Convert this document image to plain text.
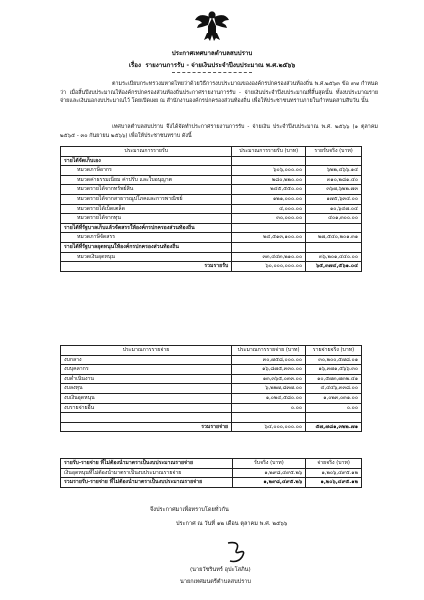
ประกาศเทศบาลตำบลสบปราบ
เรื่อง รายงานการรับ - จ่ายเงินประจำปีงบประมาณ พ.ศ.๒๕๖๖
ตามระเบียบกระทรวงมหาดไทยว่าด้วยวิธีการงบประมาณขององค์กรปกครองส่วนท้องถิ่น พ.ศ.๒๕๖๓ ข้อ ๙๗ กำหนดว่า เมื่อสิ้นปีงบประมาณให้องค์กรปกครองส่วนท้องถิ่นประกาศรายงานการรับ - จ่ายเงินประจำปีงบประมาณที่สิ้นสุดนั้น ทั้งงบประมาณรายจ่ายและเงินนอกงบประมาณไว้ โดยเปิดเผย ณ สำนักงานองค์กรปกครองส่วนท้องถิ่น เพื่อให้ประชาชนทราบภายในกำหนดสามสิบวัน นั้น
เทศบาลตำบลสบปราบ จึงได้จัดทำประกาศรายงานการรับ - จ่ายเงิน ประจำปีงบประมาณ พ.ศ. ๒๕๖๖ (๑ ตุลาคม ๒๕๖๕ - ๓๐ กันยายน ๒๕๖๖) เพื่อให้ประชาชนทราบ ดังนี้
ประมาณการรายรับ	ประมาณการรายรับ (บาท)	รายรับจริง (บาท)
รายได้จัดเก็บเอง		
หมวดภาษีอากร	๖๐๖,๐๐๐.๐๐	๖๒๒,๔๖๖.๑๔
หมวดค่าธรรมเนียม ค่าปรับ และใบอนุญาต	๒๘๐,๒๒๐.๐๐	๓๑๐,๒๘๑.๔๐
หมวดรายได้จากทรัพย์สิน	๒๔๕,๕๕๐.๐๐	๓๖๗,๖๒๒.๗๓
หมวดรายได้จากสาธารณูปโภคและการพาณิชย์	๑๒๑,๐๐๐.๐๐	๑๗๕,๖๓๔.๐๐
หมวดรายได้เบ็ดเตล็ด	๔,๐๐๐.๐๐	๑๐,๖๔๗.๐๔
หมวดรายได้จากทุน	๓๐,๐๐๐.๐๐	๔๐๑,๓๐๐.๐๐
รายได้ที่รัฐบาลเก็บแล้วจัดสรรให้องค์กรปกครองส่วนท้องถิ่น		
หมวดภาษีจัดสรร	๒๔,๕๑๓,๑๐๐.๐๐	๒๗,๕๔๐,๒๐๑.๓๑
รายได้ที่รัฐบาลอุดหนุนให้องค์กรปกครองส่วนท้องถิ่น		
หมวดเงินอุดหนุน	๓๓,๔๔๓,๒๑๐.๐๐	๓๖,๒๐๑,๔๔๐.๐๐
รวมรายรับ	๖๐,๐๐๐,๐๐๐.๐๐	๖๕,๓๗๔,๕๖๑.๐๔
ประมาณการรายจ่าย	ประมาณการรายจ่าย (บาท)	รายจ่ายจริง (บาท)
งบกลาง	๓๐,๗๕๘,๐๐๐.๐๐	๓๐,๒๐๐,๕๗๘.๐๑
งบบุคลากร	๑๖,๘๗๕,๓๓๐.๐๐	๑๖,๓๗๑,๕๖๖.๓๐
งบดำเนินงาน	๑๓,๓๖๕,๐๓๓.๐๐	๑๐,๕๗๓,๗๓๒.๔๑
งบลงทุน	๖,๒๒๗,๘๓๗.๐๐	๔,๔๔๖,๓๓๘.๐๐
งบเงินอุดหนุน	๑,๐๒๔,๕๘๐.๐๐	๑,๐๒๓,๐๓๑.๐๐
งบรายจ่ายอื่น	๐.๐๐	๐.๐๐

รวมรายจ่าย	๖๔,๐๐๐,๐๐๐.๐๐	๕๗,๗๘๑,๓๒๒.๗๑
รายรับ-รายจ่าย ที่ไม่ต้องนำมาตราเป็นงบประมาณรายจ่าย	รับจริง (บาท)	จ่ายจริง (บาท)
เงินอุดหนุนที่ไม่ต้องนำมาตราเป็นงบประมาณรายจ่าย	๑,๒๙๘,๔๙๕.๒๖	๑,๒๐๖,๔๙๕.๑๒
รวมรายรับ-รายจ่าย ที่ไม่ต้องนำมาตราเป็นงบประมาณรายจ่าย	๑,๒๙๘,๔๙๕.๒๖	๑,๒๐๖,๔๙๕.๑๒
จึงประกาศมาเพื่อทราบโดยทั่วกัน
ประกาศ ณ วันที่ ๑๒ เดือน ตุลาคม พ.ศ. ๒๕๖๖
(นายวัชรินทร์ อุปะโสภิน)
นายกเทศมนตรีตำบลสบปราบ
